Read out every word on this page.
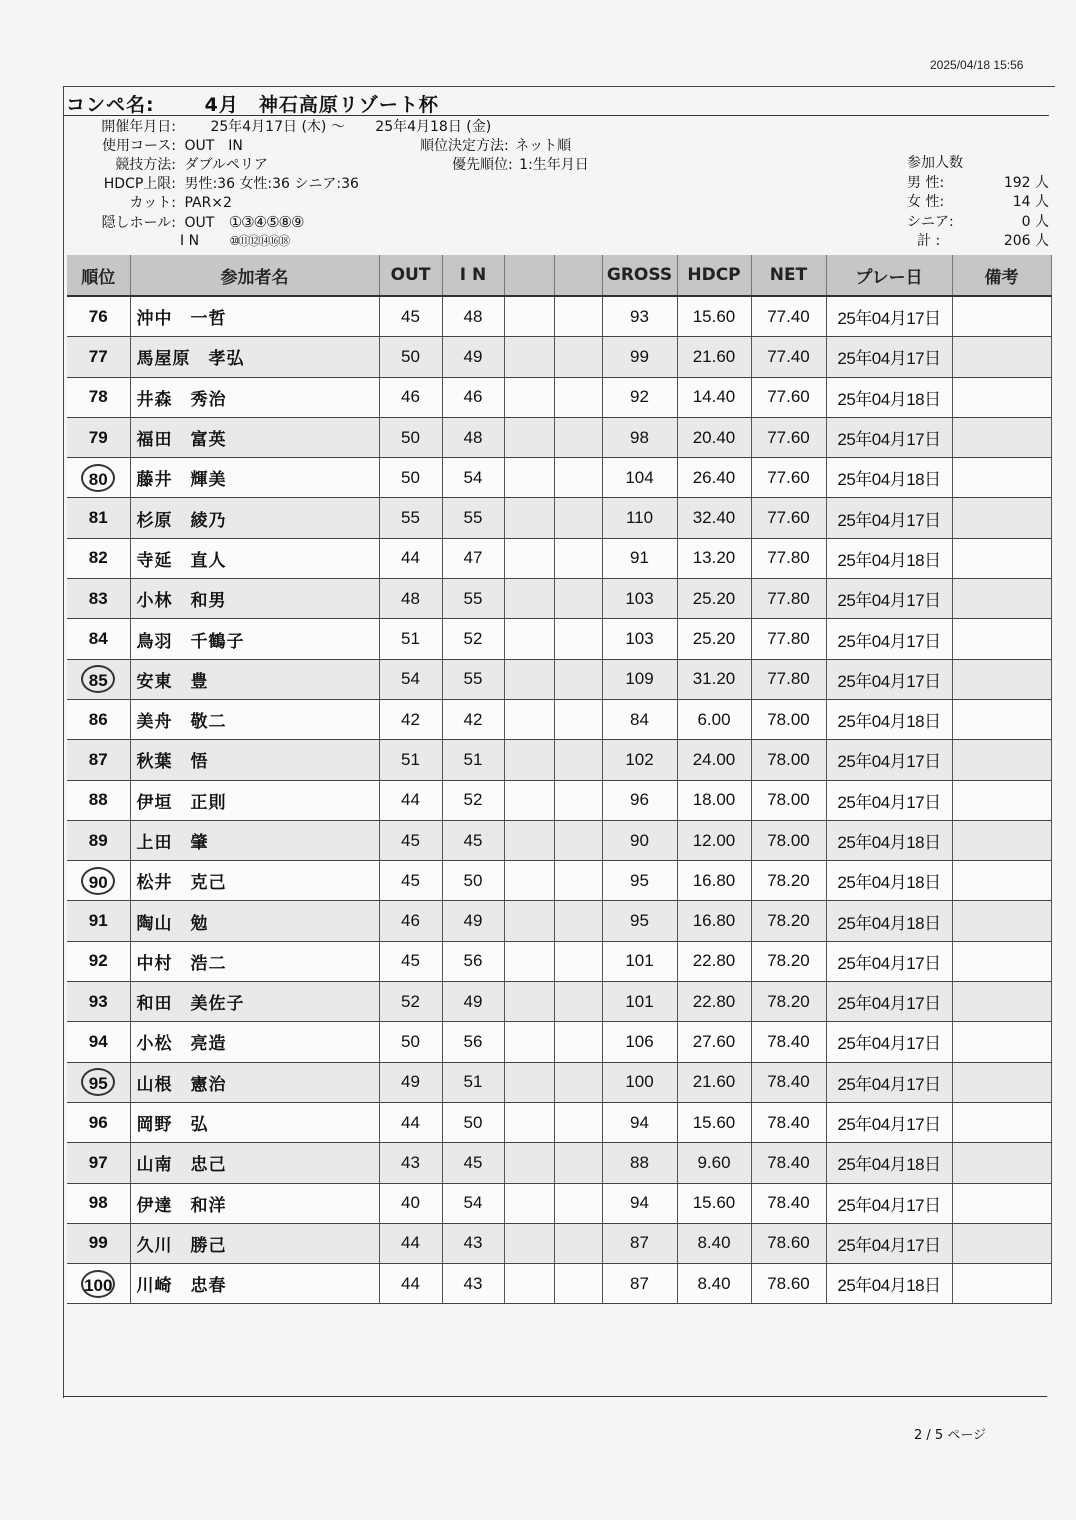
2025/04/18 15:56
コンペ名:	4月　神石高原リゾート杯
開催年月日: 25年4月17日 (木) ～ 25年4月18日 (金)
使用コース: OUT　IN
競技方法: ダブルペリア
HDCP上限: 男性:36 女性:36 シニア:36
カット: PAR×2
隠しホール: OUT ①③④⑤⑧⑨
I N	⑩⑪⑫⑭⑯⑱
順位決定方法: ネット順
優先順位: 1:生年月日	参加人数
男 性:	192 人
女 性:	14 人
シニア:	0 人
計 :	206 人
順位	参加者名	OUT	I N			GROSS	HDCP	NET	プレー日	備考
76	沖中　一哲	45	48			93	15.60	77.40	25年04月17日	
77	馬屋原　孝弘	50	49			99	21.60	77.40	25年04月17日	
78	井森　秀治	46	46			92	14.40	77.60	25年04月18日	
79	福田　富英	50	48			98	20.40	77.60	25年04月17日	
80	藤井　輝美	50	54			104	26.40	77.60	25年04月18日	
81	杉原　綾乃	55	55			110	32.40	77.60	25年04月17日	
82	寺延　直人	44	47			91	13.20	77.80	25年04月18日	
83	小林　和男	48	55			103	25.20	77.80	25年04月17日	
84	鳥羽　千鶴子	51	52			103	25.20	77.80	25年04月17日	
85	安東　豊	54	55			109	31.20	77.80	25年04月17日	
86	美舟　敬二	42	42			84	6.00	78.00	25年04月18日	
87	秋葉　悟	51	51			102	24.00	78.00	25年04月17日	
88	伊垣　正則	44	52			96	18.00	78.00	25年04月17日	
89	上田　肇	45	45			90	12.00	78.00	25年04月18日	
90	松井　克己	45	50			95	16.80	78.20	25年04月18日	
91	陶山　勉	46	49			95	16.80	78.20	25年04月18日	
92	中村　浩二	45	56			101	22.80	78.20	25年04月17日	
93	和田　美佐子	52	49			101	22.80	78.20	25年04月17日	
94	小松　亮造	50	56			106	27.60	78.40	25年04月17日	
95	山根　憲治	49	51			100	21.60	78.40	25年04月17日	
96	岡野　弘	44	50			94	15.60	78.40	25年04月17日	
97	山南　忠己	43	45			88	9.60	78.40	25年04月18日	
98	伊達　和洋	40	54			94	15.60	78.40	25年04月17日	
99	久川　勝己	44	43			87	8.40	78.60	25年04月17日	
100	川崎　忠春	44	43			87	8.40	78.60	25年04月18日	
2 / 5 ページ
